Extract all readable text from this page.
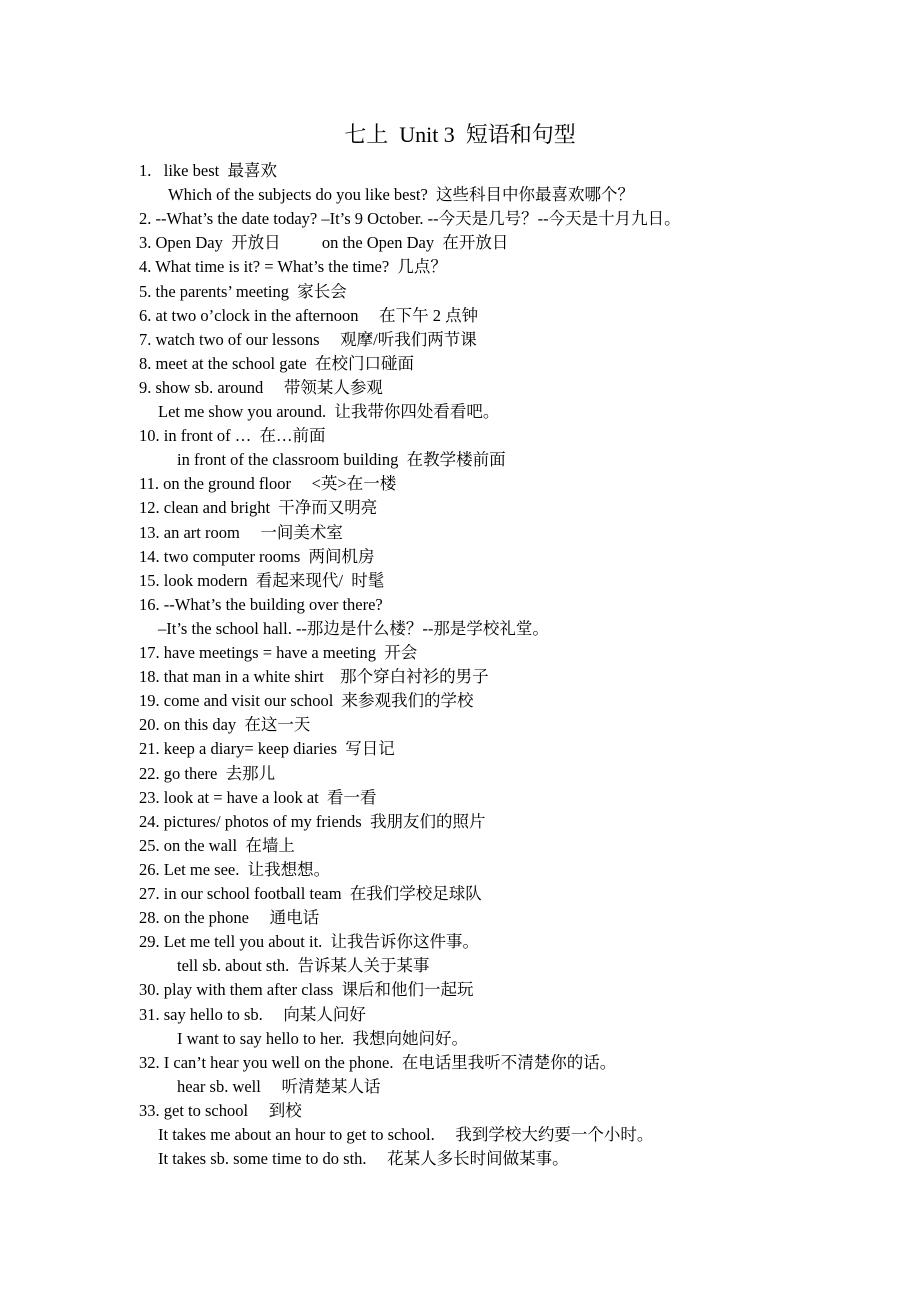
七上  Unit 3  短语和句型
1.   like best  最喜欢
Which of the subjects do you like best?  这些科目中你最喜欢哪个？
2. --What’s the date today? –It’s 9 October. --今天是几号？--今天是十月九日。
3. Open Day  开放日          on the Open Day  在开放日
4. What time is it? = What’s the time?  几点？
5. the parents’ meeting  家长会
6. at two o’clock in the afternoon     在下午 2 点钟
7. watch two of our lessons     观摩/听我们两节课
8. meet at the school gate  在校门口碰面
9. show sb. around     带领某人参观
Let me show you around.  让我带你四处看看吧。
10. in front of …  在…前面
in front of the classroom building  在教学楼前面
11. on the ground floor     <英>在一楼
12. clean and bright  干净而又明亮
13. an art room     一间美术室
14. two computer rooms  两间机房
15. look modern  看起来现代/  时髦
16. --What’s the building over there?
–It’s the school hall. --那边是什么楼？--那是学校礼堂。
17. have meetings = have a meeting  开会
18. that man in a white shirt    那个穿白衬衫的男子
19. come and visit our school  来参观我们的学校
20. on this day  在这一天
21. keep a diary= keep diaries  写日记
22. go there  去那儿
23. look at = have a look at  看一看
24. pictures/ photos of my friends  我朋友们的照片
25. on the wall  在墙上
26. Let me see.  让我想想。
27. in our school football team  在我们学校足球队
28. on the phone     通电话
29. Let me tell you about it.  让我告诉你这件事。
tell sb. about sth.  告诉某人关于某事
30. play with them after class  课后和他们一起玩
31. say hello to sb.     向某人问好
I want to say hello to her.  我想向她问好。
32. I can’t hear you well on the phone.  在电话里我听不清楚你的话。
hear sb. well     听清楚某人话
33. get to school     到校
It takes me about an hour to get to school.     我到学校大约要一个小时。
It takes sb. some time to do sth.     花某人多长时间做某事。
